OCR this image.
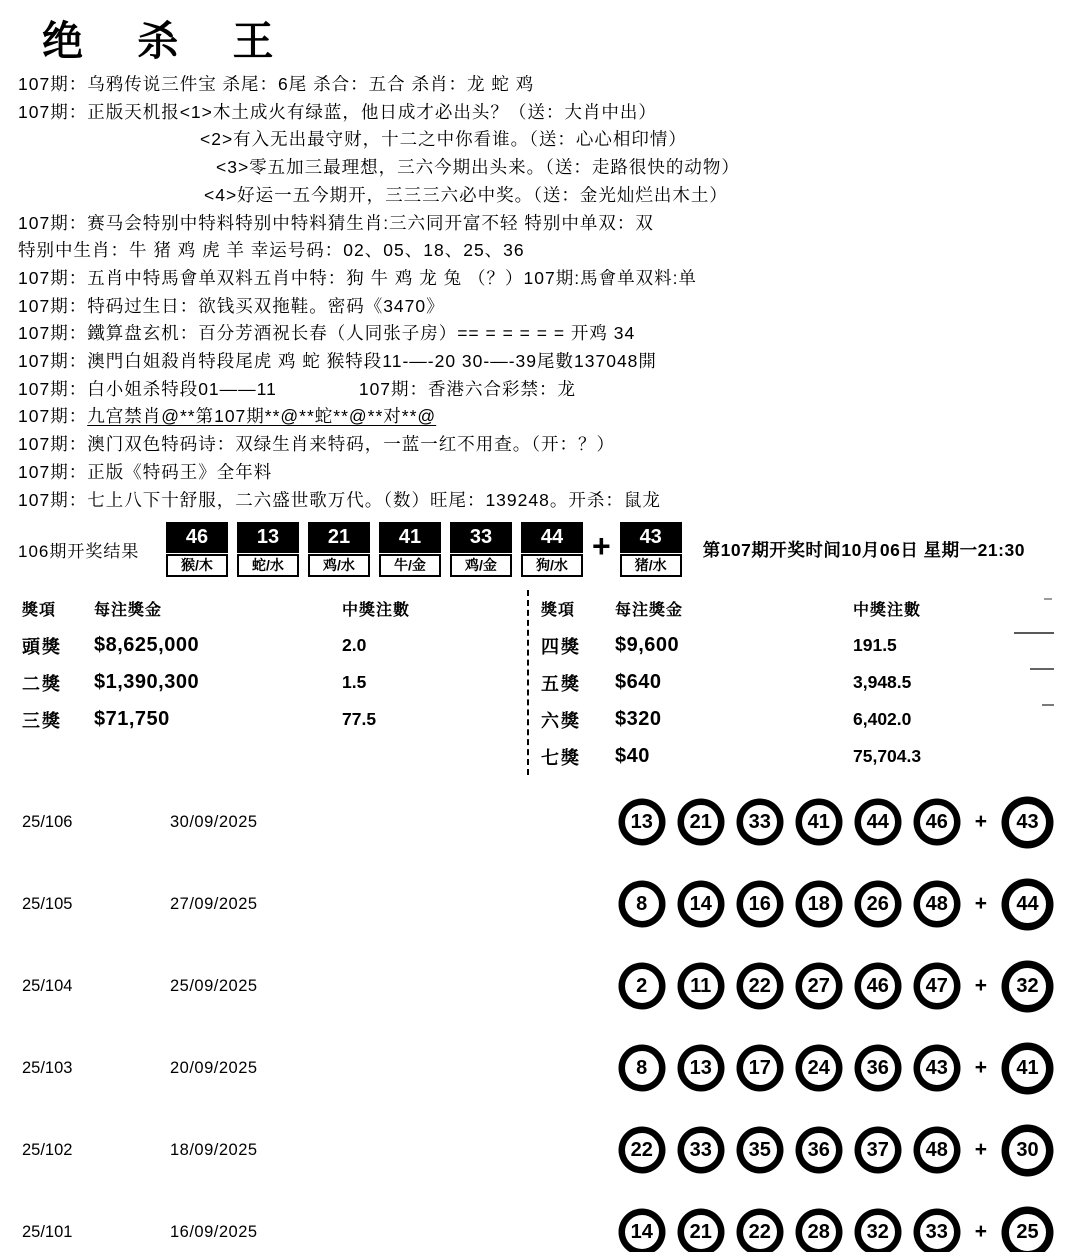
绝 杀 王
107期：乌鸦传说三件宝 杀尾：6尾 杀合：五合 杀肖：龙 蛇 鸡
107期：正版天机报<1>木土成火有绿蓝，他日成才必出头？（送：大肖中出）
<2>有入无出最守财，十二之中你看谁。（送：心心相印情）
<3>零五加三最理想，三六今期出头来。（送：走路很快的动物）
<4>好运一五今期开，三三三六必中奖。（送：金光灿烂出木土）
107期：赛马会特别中特料特别中特料猜生肖:三六同开富不轻 特别中单双：双
特别中生肖：牛 猪 鸡 虎 羊 幸运号码：02、05、18、25、36
107期：五肖中特馬會单双料五肖中特：狗 牛 鸡 龙 兔 （？）107期:馬會单双料:单
107期：特码过生日：欲钱买双拖鞋。密码《3470》
107期：鐵算盘玄机：百分芳酒祝长春（人同张子房）== = = = = = 开鸡 34
107期：澳門白姐殺肖特段尾虎 鸡 蛇 猴特段11-—-20 30-—-39尾數137048開
107期：白小姐杀特段01——11	107期：香港六合彩禁：龙
107期：九宫禁肖@**第107期**@**蛇**@**对**@
107期：澳门双色特码诗：双绿生肖来特码，一蓝一红不用查。（开：？）
107期：正版《特码王》全年料
107期：七上八下十舒服，二六盛世歌万代。（数）旺尾：139248。开杀：鼠龙
106期开奖结果
46
猴/木
13
蛇/水
21
鸡/水
41
牛/金
33
鸡/金
44
狗/水
+	43
猪/水
第107期开奖时间10月06日 星期一21:30
獎項	每注獎金	中獎注數
頭獎	$8,625,000	2.0
二獎	$1,390,300	1.5
三獎	$71,750	77.5
獎項	每注獎金	中獎注數
四獎	$9,600	191.5
五獎	$640	3,948.5
六獎	$320	6,402.0
七獎	$40	75,704.3
25/106	30/09/2025	13	21	33	41	44	46	+	43
25/105	27/09/2025	8	14	16	18	26	48	+	44
25/104	25/09/2025	2	11	22	27	46	47	+	32
25/103	20/09/2025	8	13	17	24	36	43	+	41
25/102	18/09/2025	22	33	35	36	37	48	+	30
25/101	16/09/2025	14	21	22	28	32	33	+	25
